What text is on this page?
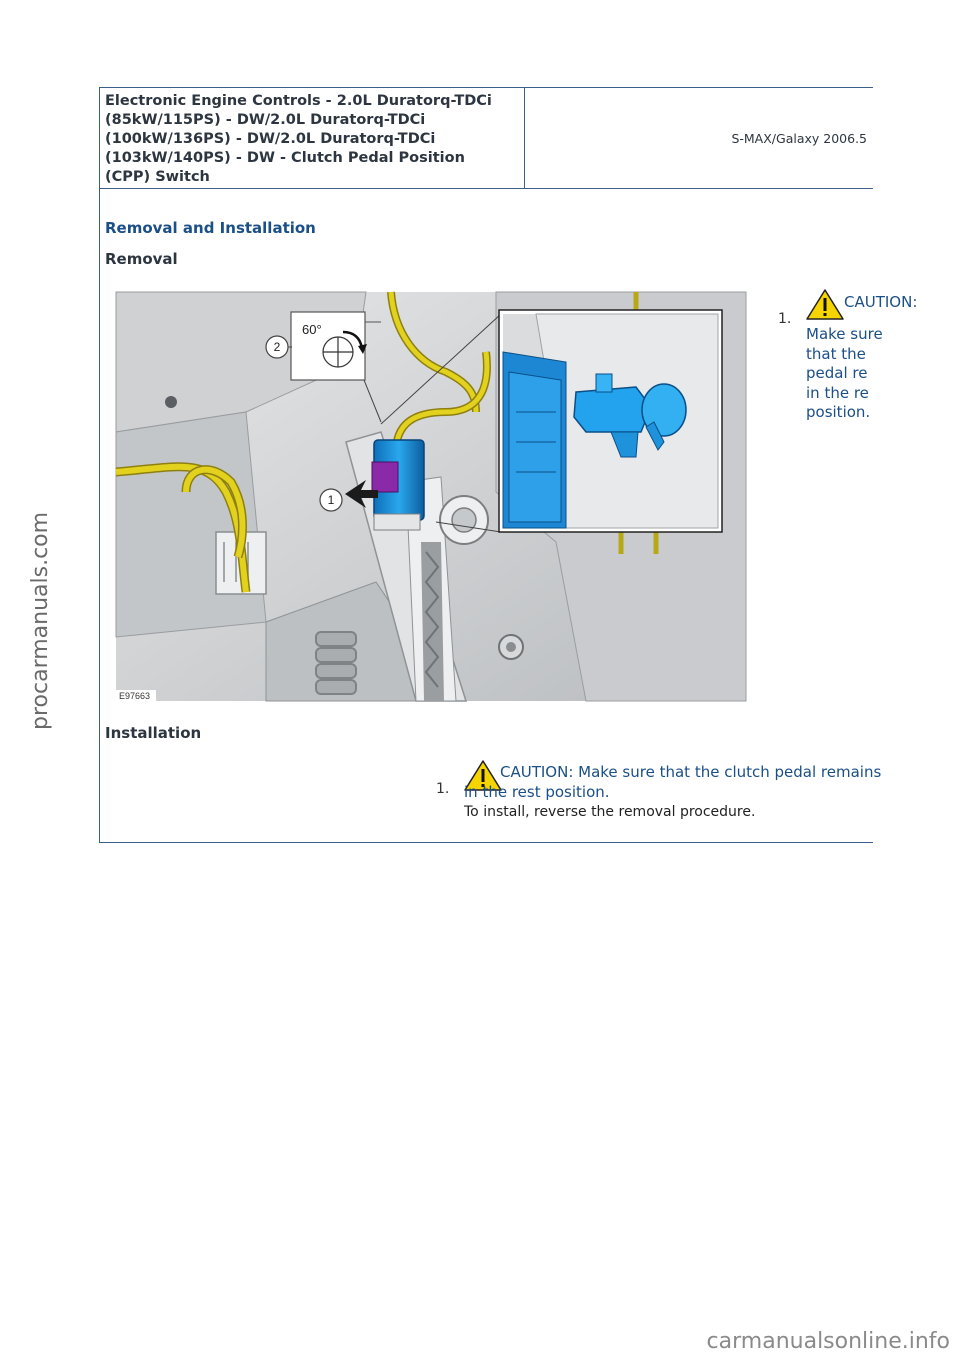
Electronic Engine Controls - 2.0L Duratorq-TDCi
(85kW/115PS) - DW/2.0L Duratorq-TDCi
(100kW/136PS) - DW/2.0L Duratorq-TDCi
(103kW/140PS) - DW - Clutch Pedal Position
(CPP) Switch
S-MAX/Galaxy 2006.5
Removal and Installation
Removal
1
60°
2
E97663
1.
CAUTION:
Make sure
that the
pedal re
in the re
position.
Installation
1.
CAUTION: Make sure that the clutch pedal remains
in the rest position.
To install, reverse the removal procedure.
procarmanuals.com
carmanualsonline.info
